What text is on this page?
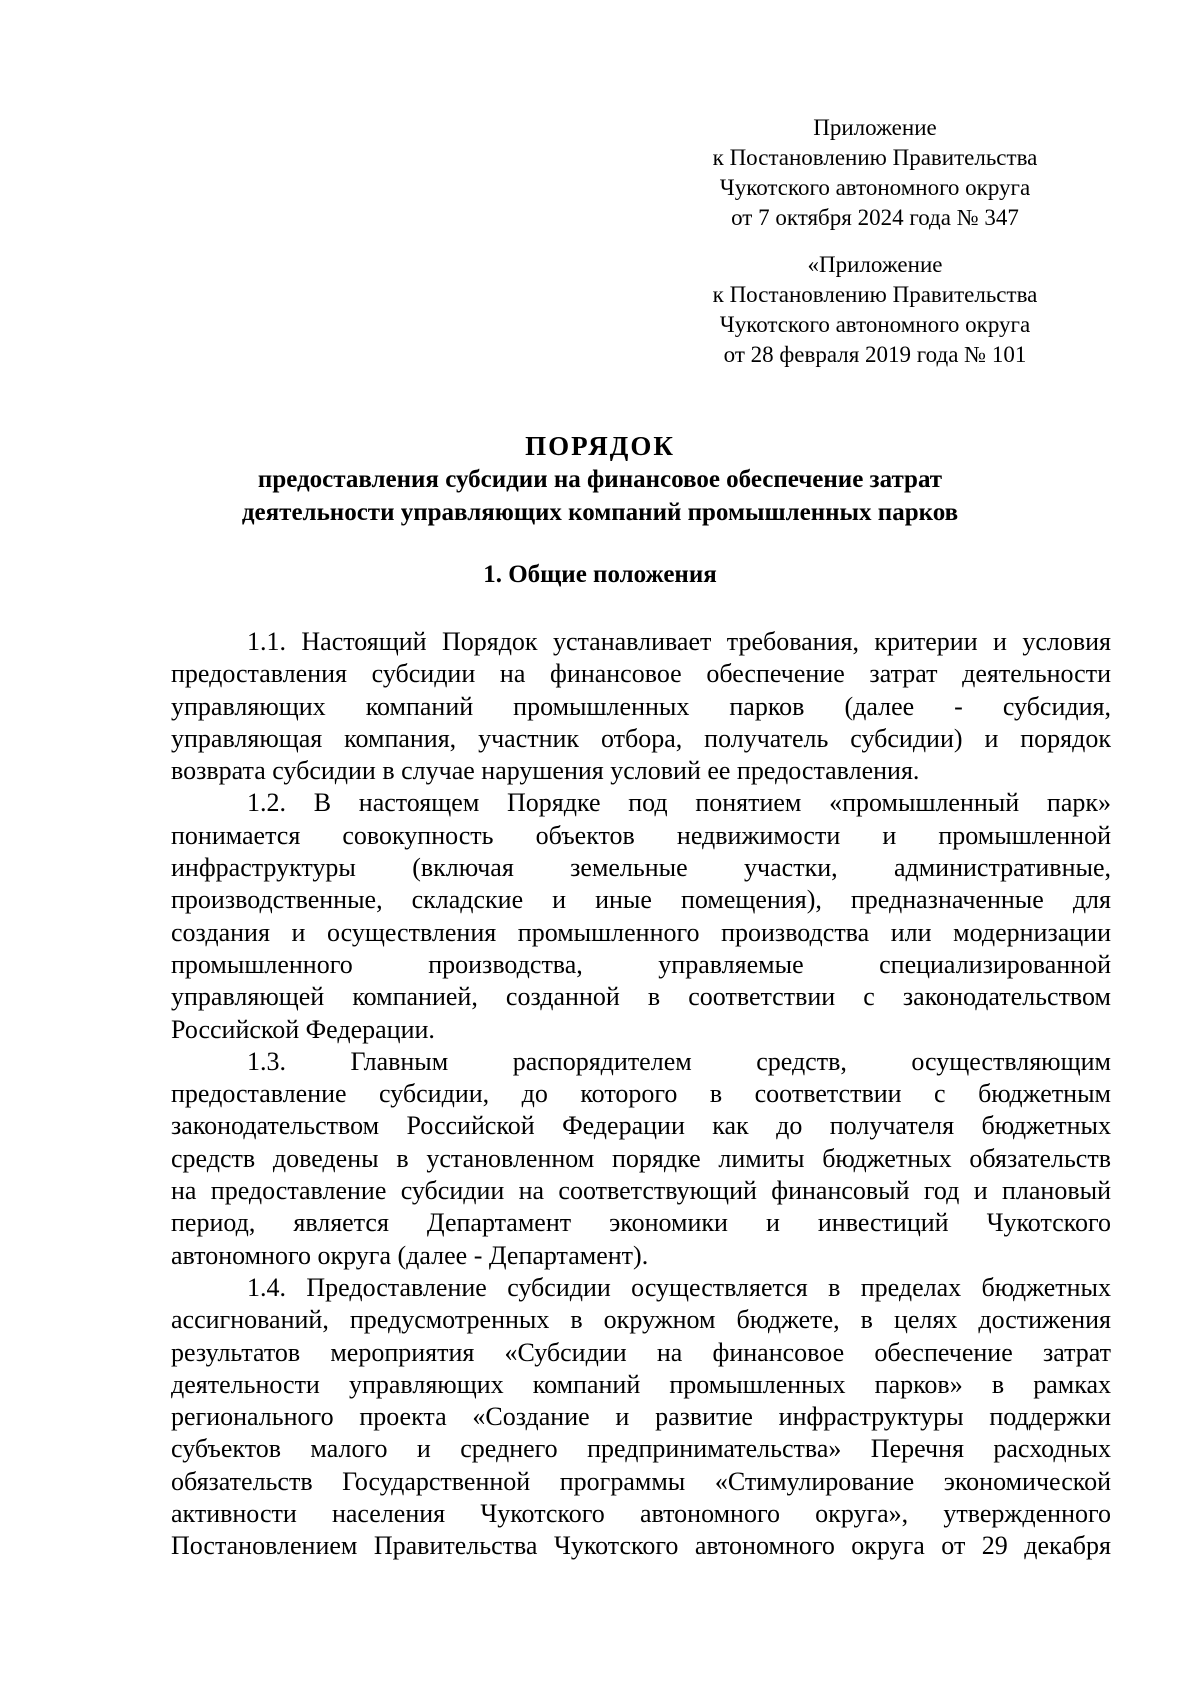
Приложение
к Постановлению Правительства
Чукотского автономного округа
от 7 октября 2024 года № 347
«Приложение
к Постановлению Правительства
Чукотского автономного округа
от 28 февраля 2019 года № 101
ПОРЯДОК
предоставления субсидии на финансовое обеспечение затрат
деятельности управляющих компаний промышленных парков
1. Общие положения
1.1. Настоящий Порядок устанавливает требования, критерии и условия
предоставления субсидии на финансовое обеспечение затрат деятельности
управляющих компаний промышленных парков (далее - субсидия,
управляющая компания, участник отбора, получатель субсидии) и порядок
возврата субсидии в случае нарушения условий ее предоставления.
1.2. В настоящем Порядке под понятием «промышленный парк»
понимается совокупность объектов недвижимости и промышленной
инфраструктуры (включая земельные участки, административные,
производственные, складские и иные помещения), предназначенные для
создания и осуществления промышленного производства или модернизации
промышленного производства, управляемые специализированной
управляющей компанией, созданной в соответствии с законодательством
Российской Федерации.
1.3. Главным распорядителем средств, осуществляющим
предоставление субсидии, до которого в соответствии с бюджетным
законодательством Российской Федерации как до получателя бюджетных
средств доведены в установленном порядке лимиты бюджетных обязательств
на предоставление субсидии на соответствующий финансовый год и плановый
период, является Департамент экономики и инвестиций Чукотского
автономного округа (далее - Департамент).
1.4. Предоставление субсидии осуществляется в пределах бюджетных
ассигнований, предусмотренных в окружном бюджете, в целях достижения
результатов мероприятия «Субсидии на финансовое обеспечение затрат
деятельности управляющих компаний промышленных парков» в рамках
регионального проекта «Создание и развитие инфраструктуры поддержки
субъектов малого и среднего предпринимательства» Перечня расходных
обязательств Государственной программы «Стимулирование экономической
активности населения Чукотского автономного округа», утвержденного
Постановлением Правительства Чукотского автономного округа от 29 декабря
